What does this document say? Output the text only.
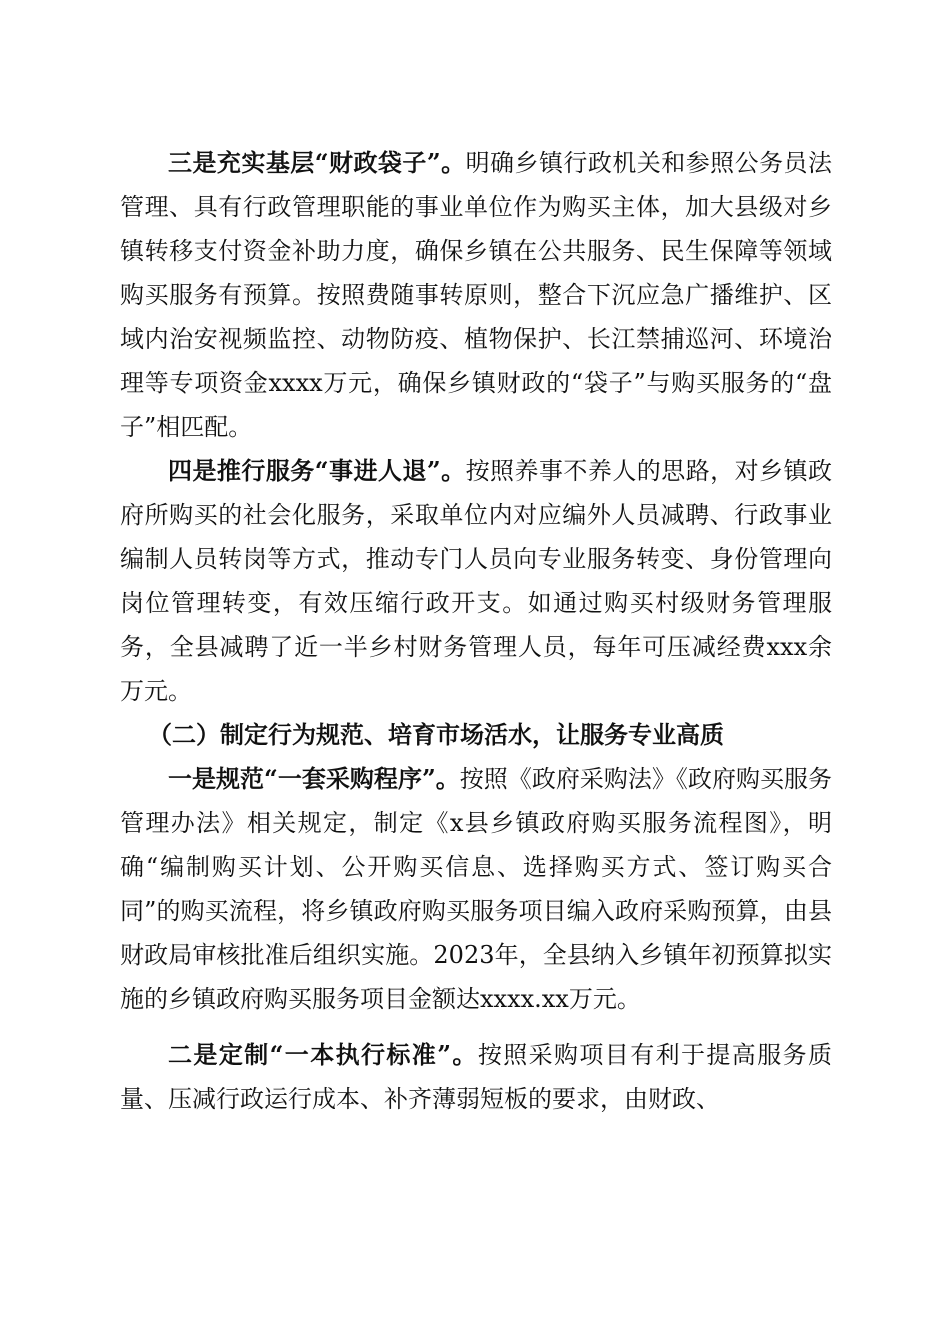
三是充实基层“财政袋子”。明确乡镇行政机关和参照公务员法管理、具有行政管理职能的事业单位作为购买主体，加大县级对乡镇转移支付资金补助力度，确保乡镇在公共服务、民生保障等领域购买服务有预算。按照费随事转原则，整合下沉应急广播维护、区域内治安视频监控、动物防疫、植物保护、长江禁捕巡河、环境治理等专项资金xxxx万元，确保乡镇财政的“袋子”与购买服务的“盘子”相匹配。

四是推行服务“事进人退”。按照养事不养人的思路，对乡镇政府所购买的社会化服务，采取单位内对应编外人员减聘、行政事业编制人员转岗等方式，推动专门人员向专业服务转变、身份管理向岗位管理转变，有效压缩行政开支。如通过购买村级财务管理服务，全县减聘了近一半乡村财务管理人员，每年可压减经费xxx余万元。

（二）制定行为规范、培育市场活水，让服务专业高质

一是规范“一套采购程序”。按照《政府采购法》《政府购买服务管理办法》相关规定，制定《x县乡镇政府购买服务流程图》，明确“编制购买计划、公开购买信息、选择购买方式、签订购买合同”的购买流程，将乡镇政府购买服务项目编入政府采购预算，由县财政局审核批准后组织实施。2023年，全县纳入乡镇年初预算拟实施的乡镇政府购买服务项目金额达xxxx.xx万元。

二是定制“一本执行标准”。按照采购项目有利于提高服务质量、压减行政运行成本、补齐薄弱短板的要求，由财政、
